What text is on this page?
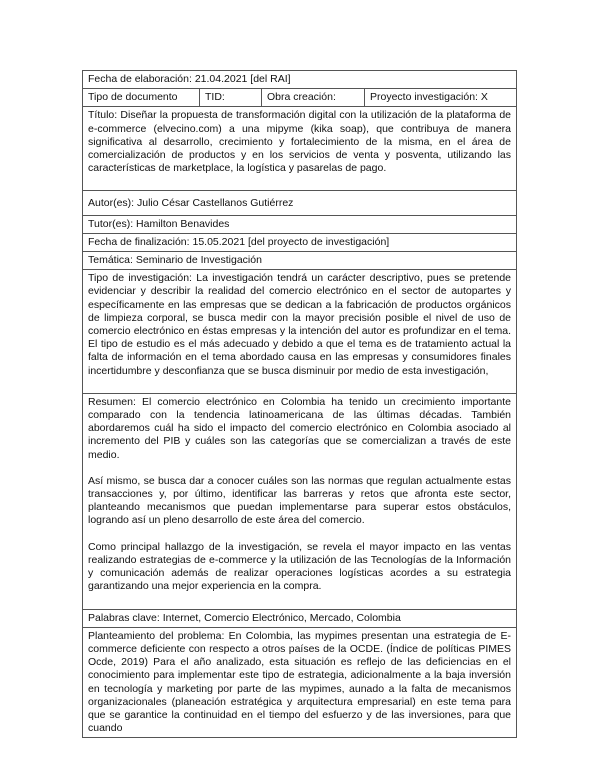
Fecha de elaboración: 21.04.2021 [del RAI]
Tipo de documento	TID:	Obra creación:	Proyecto investigación: X
Título: Diseñar la propuesta de transformación digital con la utilización de la plataforma de e-commerce (elvecino.com) a una mipyme (kika soap), que contribuya de manera significativa al desarrollo, crecimiento y fortalecimiento de la misma, en el área de comercialización de productos y en los servicios de venta y posventa, utilizando las características de marketplace, la logística y pasarelas de pago.
Autor(es): Julio César Castellanos Gutiérrez
Tutor(es): Hamilton Benavides
Fecha de finalización: 15.05.2021 [del proyecto de investigación]
Temática: Seminario de Investigación
Tipo de investigación: La investigación tendrá un carácter descriptivo, pues se pretende evidenciar y describir la realidad del comercio electrónico en el sector de autopartes y específicamente en las empresas que se dedican a la fabricación de productos orgánicos de limpieza corporal, se busca medir con la mayor precisión posible el nivel de uso de comercio electrónico en éstas empresas y la intención del autor es profundizar en el tema. El tipo de estudio es el más adecuado y debido a que el tema es de tratamiento actual la falta de información en el tema abordado causa en las empresas y consumidores finales incertidumbre y desconfianza que se busca disminuir por medio de esta investigación,

Resumen: El comercio electrónico en Colombia ha tenido un crecimiento importante comparado con la tendencia latinoamericana de las últimas décadas. También abordaremos cuál ha sido el impacto del comercio electrónico en Colombia asociado al incremento del PIB y cuáles son las categorías que se comercializan a través de este medio.
Así mismo, se busca dar a conocer cuáles son las normas que regulan actualmente estas transacciones y, por último, identificar las barreras y retos que afronta este sector, planteando mecanismos que puedan implementarse para superar estos obstáculos, logrando así un pleno desarrollo de este área del comercio.
Como principal hallazgo de la investigación, se revela el mayor impacto en las ventas realizando estrategias de e-commerce y la utilización de las Tecnologías de la Información y comunicación además de realizar operaciones logísticas acordes a su estrategia garantizando una mejor experiencia en la compra.

Palabras clave: Internet, Comercio Electrónico, Mercado, Colombia
Planteamiento del problema: En Colombia, las mypimes presentan una estrategia de E-commerce deficiente con respecto a otros países de la OCDE. (Índice de políticas PIMES Ocde, 2019) Para el año analizado, esta situación es reflejo de las deficiencias en el conocimiento para implementar este tipo de estrategia, adicionalmente a la baja inversión en tecnología y marketing por parte de las mypimes, aunado a la falta de mecanismos organizacionales (planeación estratégica y arquitectura empresarial) en este tema para que se garantice la continuidad en el tiempo del esfuerzo y de las inversiones, para que cuando
